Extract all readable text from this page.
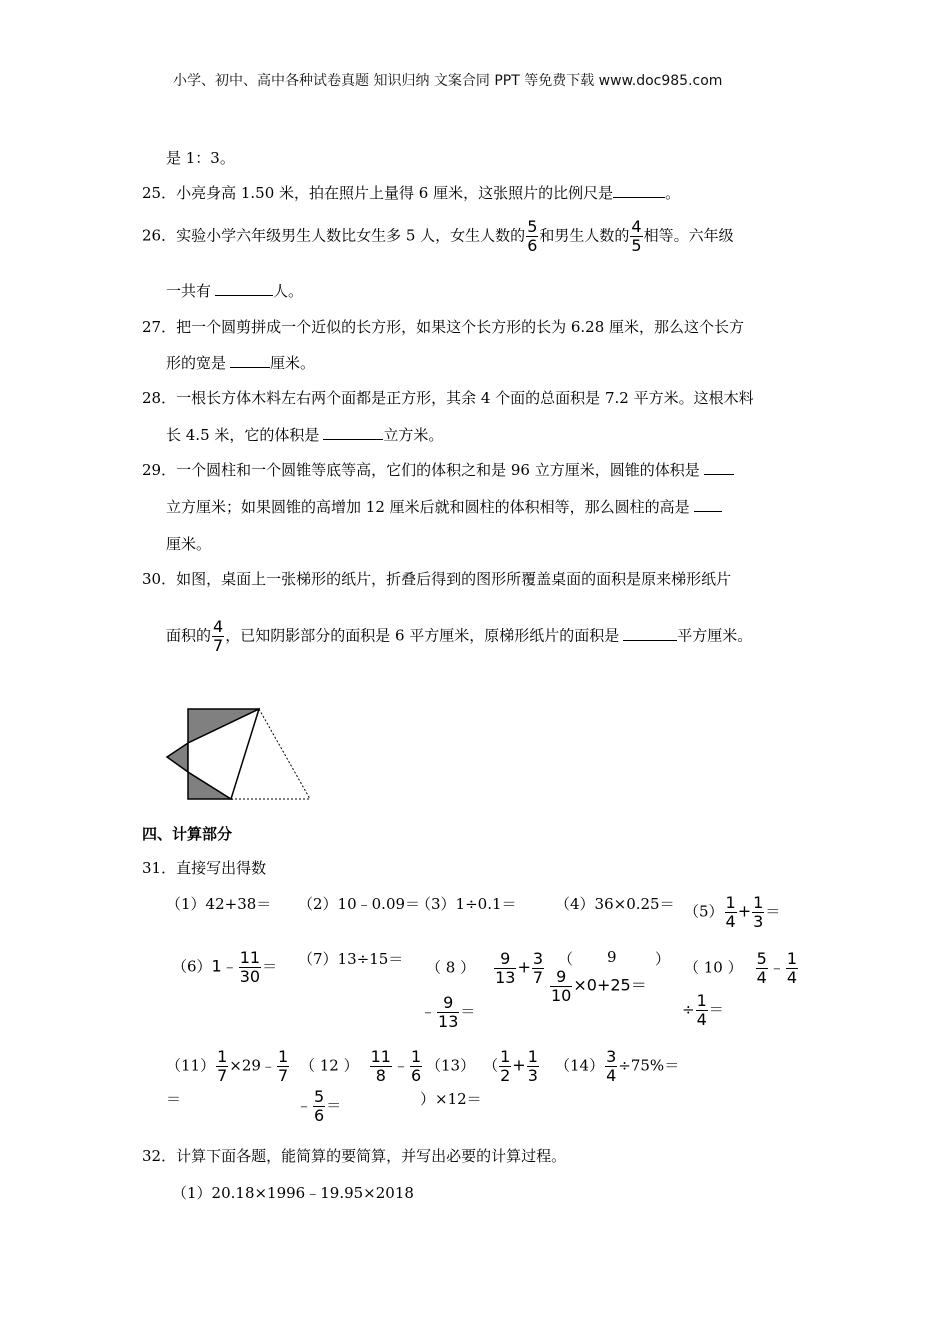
小学、初中、高中各种试卷真题 知识归纳 文案合同 PPT 等免费下载 www.doc985.com
是 1：3。
25．小亮身高 1.50 米，拍在照片上量得 6 厘米，这张照片的比例尺是	。
26．实验小学六年级男生人数比女生多 5 人，女生人数的 $\frac{5}{6}$ 和男生人数的 $\frac{4}{5}$ 相等。六年级
一共有	人。
27．把一个圆剪拼成一个近似的长方形，如果这个长方形的长为 6.28 厘米，那么这个长方
形的宽是	厘米。
28．一根长方体木料左右两个面都是正方形，其余 4 个面的总面积是 7.2 平方米。这根木料
长 4.5 米，它的体积是	立方米。
29．一个圆柱和一个圆锥等底等高，它们的体积之和是 96 立方厘米，圆锥的体积是
立方厘米；如果圆锥的高增加 12 厘米后就和圆柱的体积相等，那么圆柱的高是
厘米。
30．如图，桌面上一张梯形的纸片，折叠后得到的图形所覆盖桌面的面积是原来梯形纸片
面积的 $\frac{4}{7}$ ，已知阴影部分的面积是 6 平方厘米，原梯形纸片的面积是	平方厘米。
四、计算部分
31．直接写出得数
（1）42+38＝ （2）10﹣0.09＝
（3）1÷0.1＝	$(4)36\times 0.25= (5) \frac{1}{4} + \frac{1}{3}$ ＝
（6）1﹣ $\frac{11}{30} = (7)13\div 15=$ （ 8 ） $\frac{9}{13} + \frac{3}{7}$
﹣ $\frac{9}{13}$ ＝
（ 9	）
$\frac{9}{10} \times 0+25=$
（ 10 ） $\frac{5}{4}$ ﹣ $\frac{1}{4}$
÷ $\frac{1}{4}$ ＝
$(11) \frac{1}{7}$ ×29﹣ $\frac{1}{7}$
＝
（ 12 ） $\frac{11}{8}$ ﹣ $\frac{1}{6}$
﹣ $\frac{5}{6}$ ＝
（13） （ $\frac{1}{2} + \frac{1}{3}$
）×12＝
$(14) \frac{3}{4} \div 75\%=$
32．计算下面各题，能简算的要简算，并写出必要的计算过程。
（1）20.18×1996﹣19.95×2018
